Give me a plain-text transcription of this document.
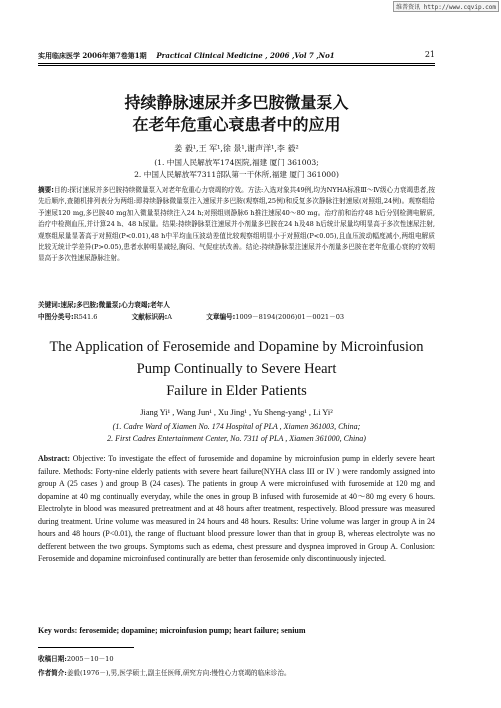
维普资讯 http://www.cqvip.com
实用临床医学 2006年第7卷第1期 Practical Clinical Medicine , 2006 ,Vol 7 ,No1	21
持续静脉速尿并多巴胺微量泵入
在老年危重心衰患者中的应用
姜 毅¹,王 军¹,徐 景¹,谢声洋¹,李 毅²
(1. 中国人民解放军174医院,福建 厦门 361003;
2. 中国人民解放军7311部队第一干休所,福建 厦门 361000)
摘要:目的:探讨速尿并多巴胺持续微量泵入对老年危重心力衰竭的疗效。方法:入选对象共49例,均为NYHA标准Ⅲ～Ⅳ级心力衰竭患者,按先后顺序,查随机排列表分为两组:即持续静脉微量泵注入速尿并多巴胺(观察组,25例)和反复多次静脉注射速尿(对照组,24例)。观察组给予速尿120 mg,多巴胺40 mg加入微量泵持续注入24 h;对照组则静脉6 h推注速尿40～80 mg。治疗前和治疗48 h后分别检测电解质,治疗中检测血压,并计算24 h、48 h尿量。结果:持续静脉泵注速尿并小剂量多巴胺在24 h及48 h后统计尿量均明显高于多次性速尿注射,观察组尿量显著高于对照组(P<0.01),48 h中平均血压波动差值比较观察组明显小于对照组(P<0.05),且血压波动幅度减小,两组电解质比较无统计学差异(P>0.05),患者水肿明显减轻,胸闷、气促症状改善。结论:持续静脉泵注速尿并小剂量多巴胺在老年危重心衰的疗效明显高于多次性速尿静脉注射。
关键词:速尿;多巴胺;微量泵;心力衰竭;老年人
中图分类号:R541.6	文献标识码:A	文章编号:1009－8194(2006)01－0021－03
The Application of Ferosemide and Dopamine by Microinfusion
Pump Continually to Severe Heart
Failure in Elder Patients
Jiang Yi¹ , Wang Jun¹ , Xu Jing¹ , Yu Sheng-yang¹ , Li Yi²
(1. Cadre Ward of Xiamen No. 174 Hospital of PLA , Xiamen 361003, China;
2. First Cadres Entertainment Center, No. 7311 of PLA , Xiamen 361000, China)
Abstract: Objective: To investigate the effect of furosemide and dopamine by microinfusion pump in elderly severe heart failure. Methods: Forty-nine elderly patients with severe heart failure(NYHA class III or IV ) were randomly assigned into group A (25 cases ) and group B (24 cases). The patients in group A were microinfused with furosemide at 120 mg and dopamine at 40 mg continually everyday, while the ones in group B infused with furosemide at 40～80 mg every 6 hours. Electrolyte in blood was measured pretreatment and at 48 hours after treatment, respectively. Blood pressure was measured during treatment. Urine volume was measured in 24 hours and 48 hours. Results: Urine volume was larger in group A in 24 hours and 48 hours (P<0.01), the range of fluctuant blood pressure lower than that in group B, whereas electrolyte was no defferent between the two groups. Symptoms such as edema, chest pressure and dyspnea improved in Group A. Conlusion: Ferosemide and dopamine microinfused continurally are better than ferosemide only discontinuously injected.
Key words: ferosemide; dopamine; microinfusion pump; heart failure; senium
收稿日期:2005－10－10
作者简介:姜毅(1976－),男,医学硕士,副主任医师,研究方向:慢性心力衰竭的临床诊治。
